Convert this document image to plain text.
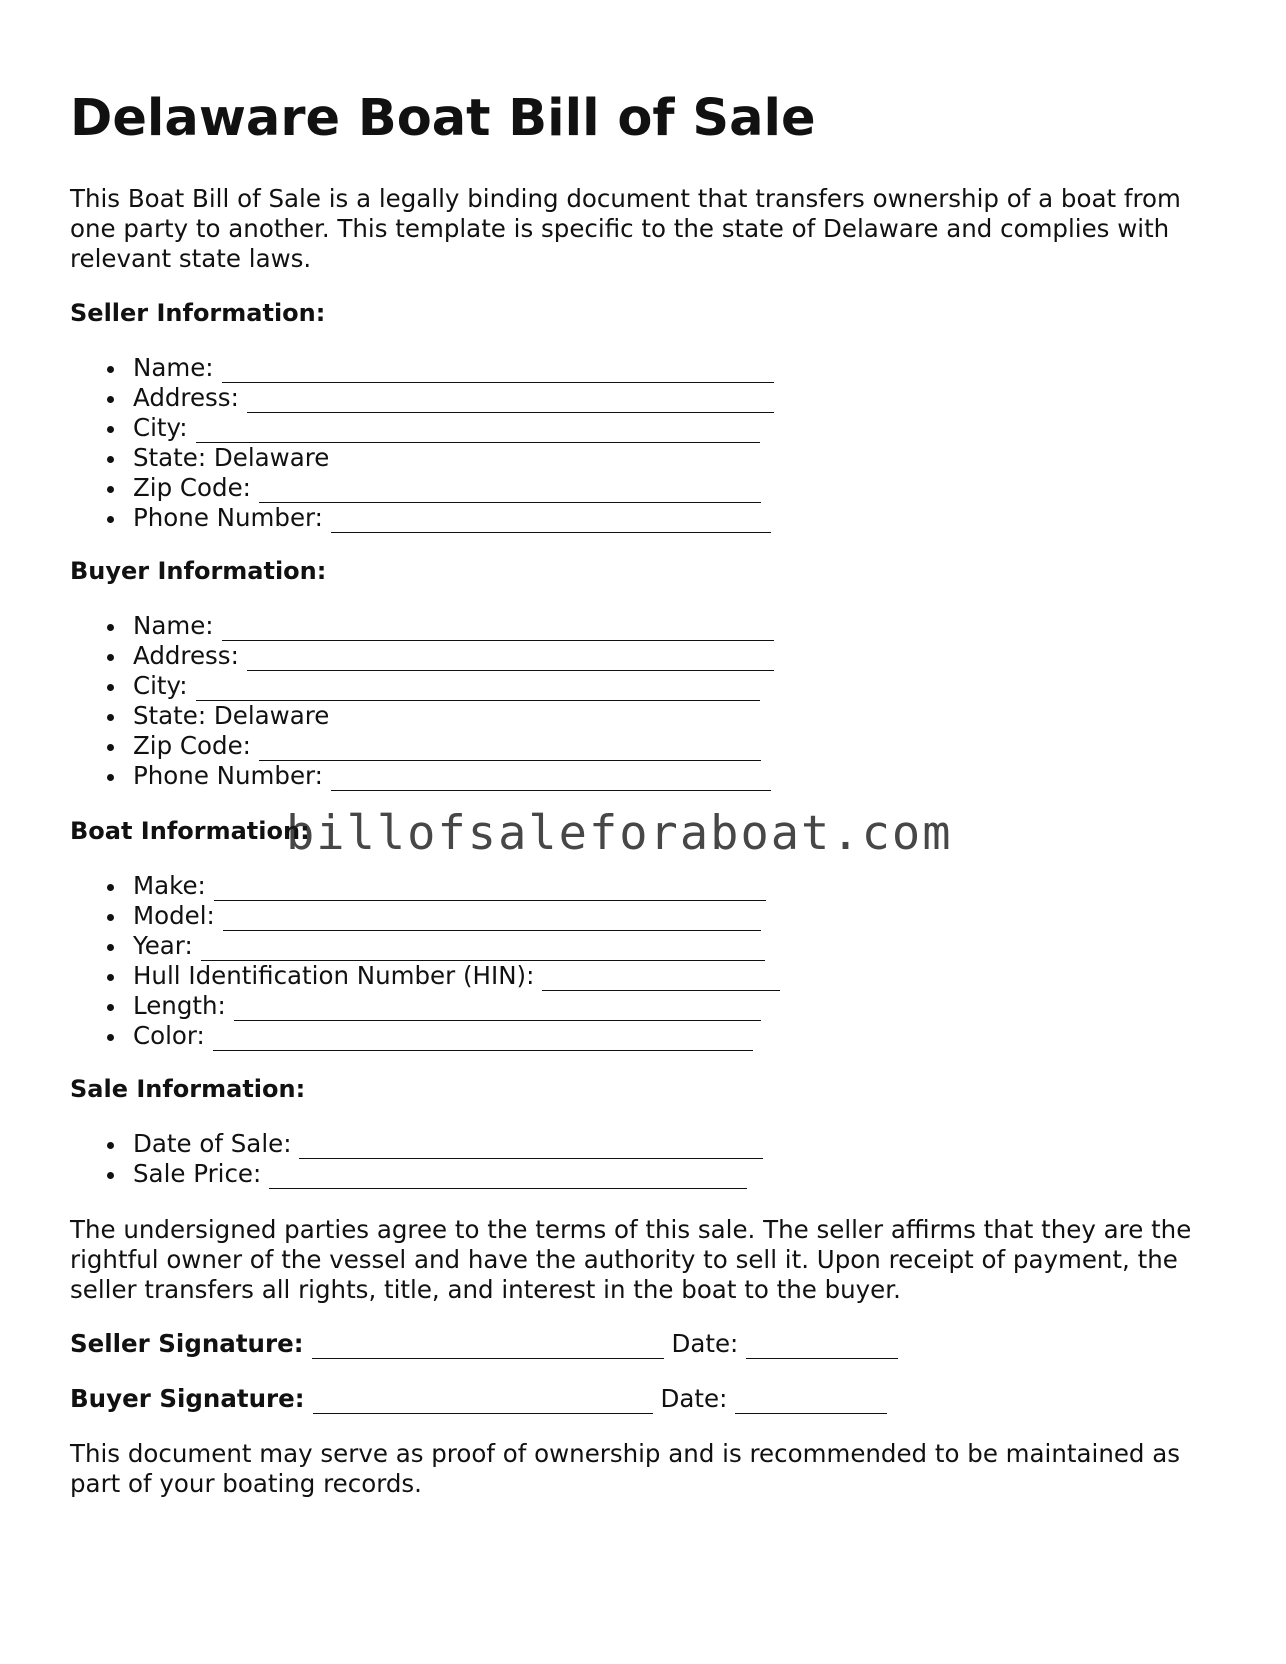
Delaware Boat Bill of Sale

This Boat Bill of Sale is a legally binding document that transfers ownership of a boat from one party to another. This template is specific to the state of Delaware and complies with relevant state laws.

Seller Information:

Name:
Address:
City:
State: Delaware
Zip Code:
Phone Number:

Buyer Information:

Name:
Address:
City:
State: Delaware
Zip Code:
Phone Number:

Boat Information:

Make:
Model:
Year:
Hull Identification Number (HIN):
Length:
Color:

Sale Information:

Date of Sale:
Sale Price:

The undersigned parties agree to the terms of this sale. The seller affirms that they are the rightful owner of the vessel and have the authority to sell it. Upon receipt of payment, the seller transfers all rights, title, and interest in the boat to the buyer.

Seller Signature:	Date:
Buyer Signature:	Date:

This document may serve as proof of ownership and is recommended to be maintained as part of your boating records.

billofsaleforaboat.com
